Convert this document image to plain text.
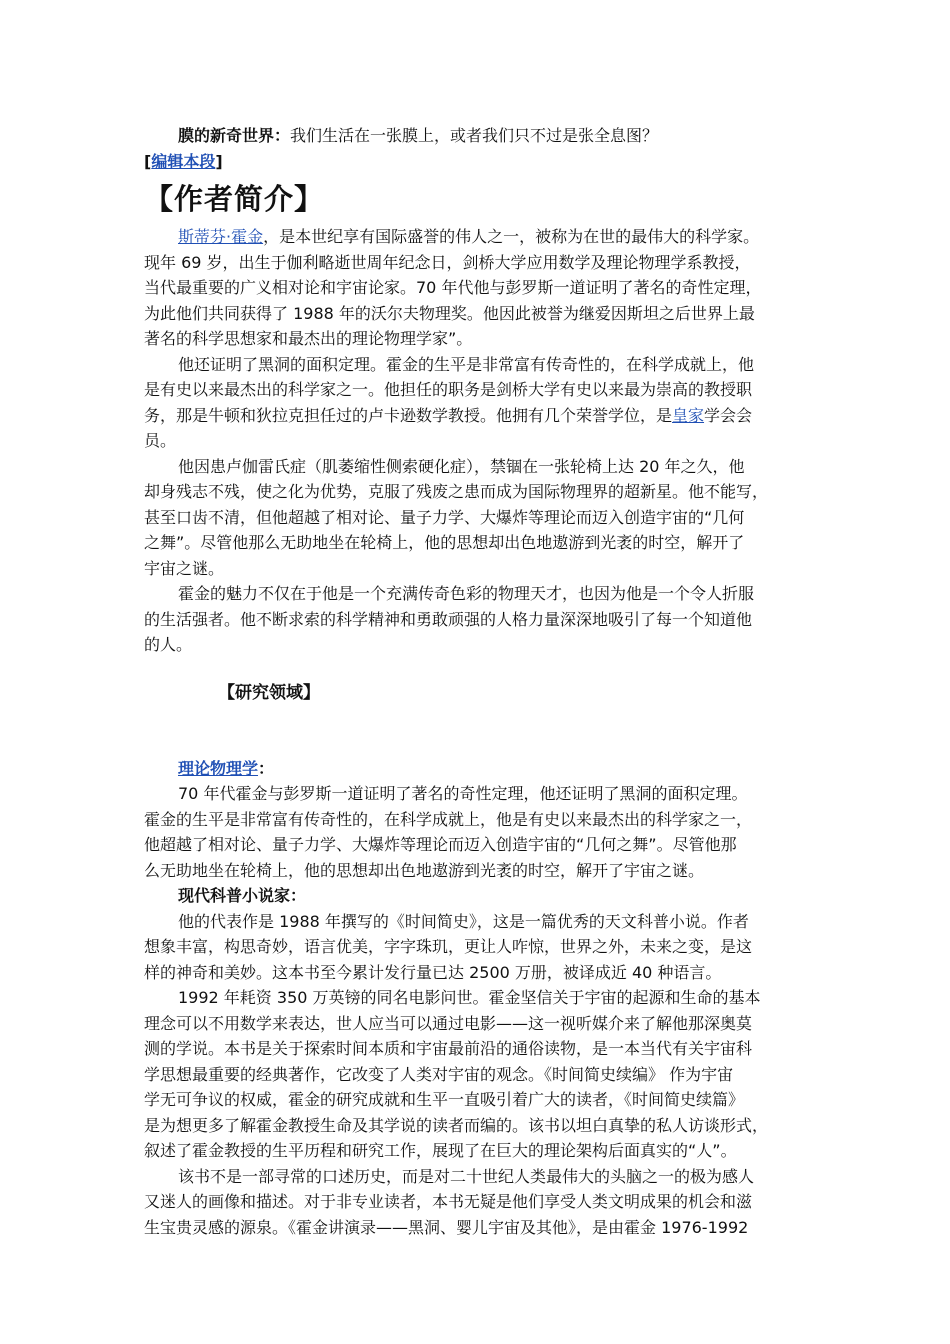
膜的新奇世界：我们生活在一张膜上，或者我们只不过是张全息图？
[编辑本段]
【作者简介】
斯蒂芬·霍金，是本世纪享有国际盛誉的伟人之一，被称为在世的最伟大的科学家。
现年 69 岁，出生于伽利略逝世周年纪念日，剑桥大学应用数学及理论物理学系教授，
当代最重要的广义相对论和宇宙论家。70 年代他与彭罗斯一道证明了著名的奇性定理，
为此他们共同获得了 1988 年的沃尔夫物理奖。他因此被誉为继爱因斯坦之后世界上最
著名的科学思想家和最杰出的理论物理学家”。
他还证明了黑洞的面积定理。霍金的生平是非常富有传奇性的，在科学成就上，他
是有史以来最杰出的科学家之一。他担任的职务是剑桥大学有史以来最为崇高的教授职
务，那是牛顿和狄拉克担任过的卢卡逊数学教授。他拥有几个荣誉学位，是皇家学会会
员。
他因患卢伽雷氏症（肌萎缩性侧索硬化症），禁锢在一张轮椅上达 20 年之久，他
却身残志不残，使之化为优势，克服了残废之患而成为国际物理界的超新星。他不能写，
甚至口齿不清，但他超越了相对论、量子力学、大爆炸等理论而迈入创造宇宙的“几何
之舞”。尽管他那么无助地坐在轮椅上，他的思想却出色地遨游到光袤的时空，解开了
宇宙之谜。
霍金的魅力不仅在于他是一个充满传奇色彩的物理天才，也因为他是一个令人折服
的生活强者。他不断求索的科学精神和勇敢顽强的人格力量深深地吸引了每一个知道他
的人。
【研究领域】
理论物理学：
70 年代霍金与彭罗斯一道证明了著名的奇性定理，他还证明了黑洞的面积定理。
霍金的生平是非常富有传奇性的，在科学成就上，他是有史以来最杰出的科学家之一，
他超越了相对论、量子力学、大爆炸等理论而迈入创造宇宙的“几何之舞”。尽管他那
么无助地坐在轮椅上，他的思想却出色地遨游到光袤的时空，解开了宇宙之谜。
现代科普小说家：
他的代表作是 1988 年撰写的《时间简史》，这是一篇优秀的天文科普小说。作者
想象丰富，构思奇妙，语言优美，字字珠玑，更让人咋惊，世界之外，未来之变，是这
样的神奇和美妙。这本书至今累计发行量已达 2500 万册，被译成近 40 种语言。
1992 年耗资 350 万英镑的同名电影问世。霍金坚信关于宇宙的起源和生命的基本
理念可以不用数学来表达，世人应当可以通过电影——这一视听媒介来了解他那深奥莫
测的学说。本书是关于探索时间本质和宇宙最前沿的通俗读物，是一本当代有关宇宙科
学思想最重要的经典著作，它改变了人类对宇宙的观念。《时间简史续编》 作为宇宙
学无可争议的权威，霍金的研究成就和生平一直吸引着广大的读者，《时间简史续篇》
是为想更多了解霍金教授生命及其学说的读者而编的。该书以坦白真挚的私人访谈形式，
叙述了霍金教授的生平历程和研究工作，展现了在巨大的理论架构后面真实的“人”。
该书不是一部寻常的口述历史，而是对二十世纪人类最伟大的头脑之一的极为感人
又迷人的画像和描述。对于非专业读者，本书无疑是他们享受人类文明成果的机会和滋
生宝贵灵感的源泉。《霍金讲演录——黑洞、婴儿宇宙及其他》，是由霍金 1976-1992
